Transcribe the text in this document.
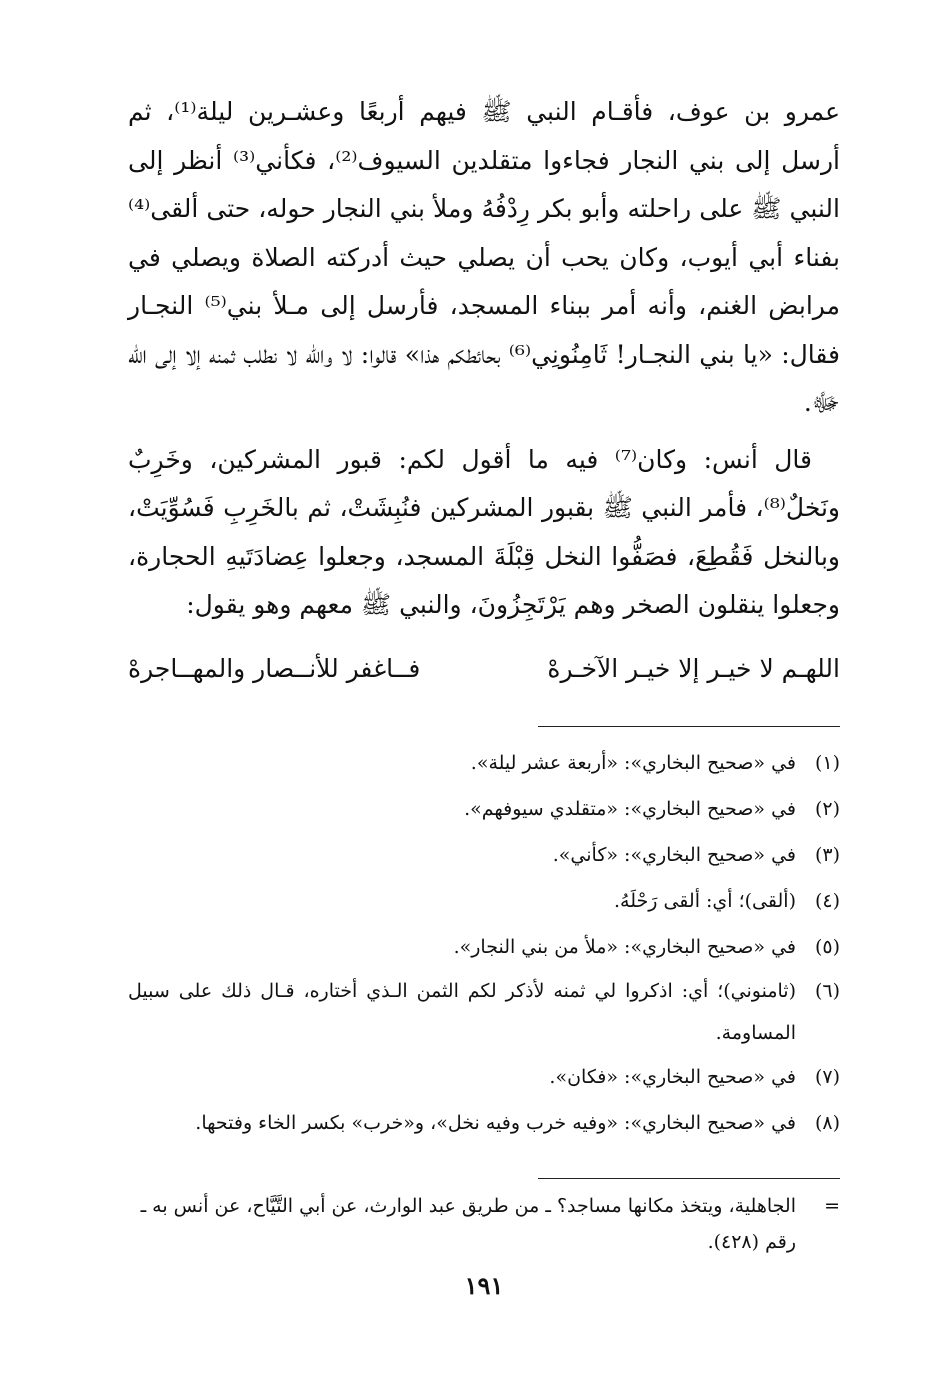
عمرو بن عوف، فأقـام النبي ﷺ فيهم أربعًا وعشـرين ليلة⁽¹⁾، ثم أرسل إلى بني النجار فجاءوا متقلدين السيوف⁽²⁾، فكأني⁽³⁾ أنظر إلى النبي ﷺ على راحلته وأبو بكر رِدْفُهُ وملأ بني النجار حوله، حتى ألقى⁽⁴⁾ بفناء أبي أيوب، وكان يحب أن يصلي حيث أدركته الصلاة ويصلي في مرابض الغنم، وأنه أمر ببناء المسجد، فأرسل إلى مـلأ بني⁽⁵⁾ النجـار فقال: «يا بني النجـار! ثَامِنُونِي⁽⁶⁾ بحائطكم هذا» قالوا: لا والله لا نطلب ثمنه إلا إلى الله ﷻ.

قال أنس: وكان⁽⁷⁾ فيه ما أقول لكم: قبور المشركين، وخَرِبٌ ونَخلٌ⁽⁸⁾، فأمر النبي ﷺ بقبور المشركين فنُبِشَتْ، ثم بالخَرِبِ فَسُوِّيَتْ، وبالنخل فَقُطِعَ، فصَفُّوا النخل قِبْلَةَ المسجد، وجعلوا عِضادَتَيهِ الحجارة، وجعلوا ينقلون الصخر وهم يَرْتَجِزُونَ، والنبي ﷺ معهم وهو يقول:

اللهـم لا خيـر إلا خيـر الآخـرهْ
فــاغفر للأنــصار والمهــاجرهْ
(١)
في «صحيح البخاري»: «أربعة عشر ليلة».
(٢)
في «صحيح البخاري»: «متقلدي سيوفهم».
(٣)
في «صحيح البخاري»: «كأني».
(٤)
(ألقى)؛ أي: ألقى رَحْلَهُ.
(٥)
في «صحيح البخاري»: «ملأ من بني النجار».
(٦)
(ثامنوني)؛ أي: اذكروا لي ثمنه لأذكر لكم الثمن الـذي أختاره، قـال ذلك على سبيل المساومة.
(٧)
في «صحيح البخاري»: «فكان».
(٨)
في «صحيح البخاري»: «وفيه خرب وفيه نخل»، و«خرب» بكسر الخاء وفتحها.
=
الجاهلية، ويتخذ مكانها مساجد؟ ـ من طريق عبد الوارث، عن أبي التَّيَّاح، عن أنس به ـ رقم (٤٢٨).
١٩١
